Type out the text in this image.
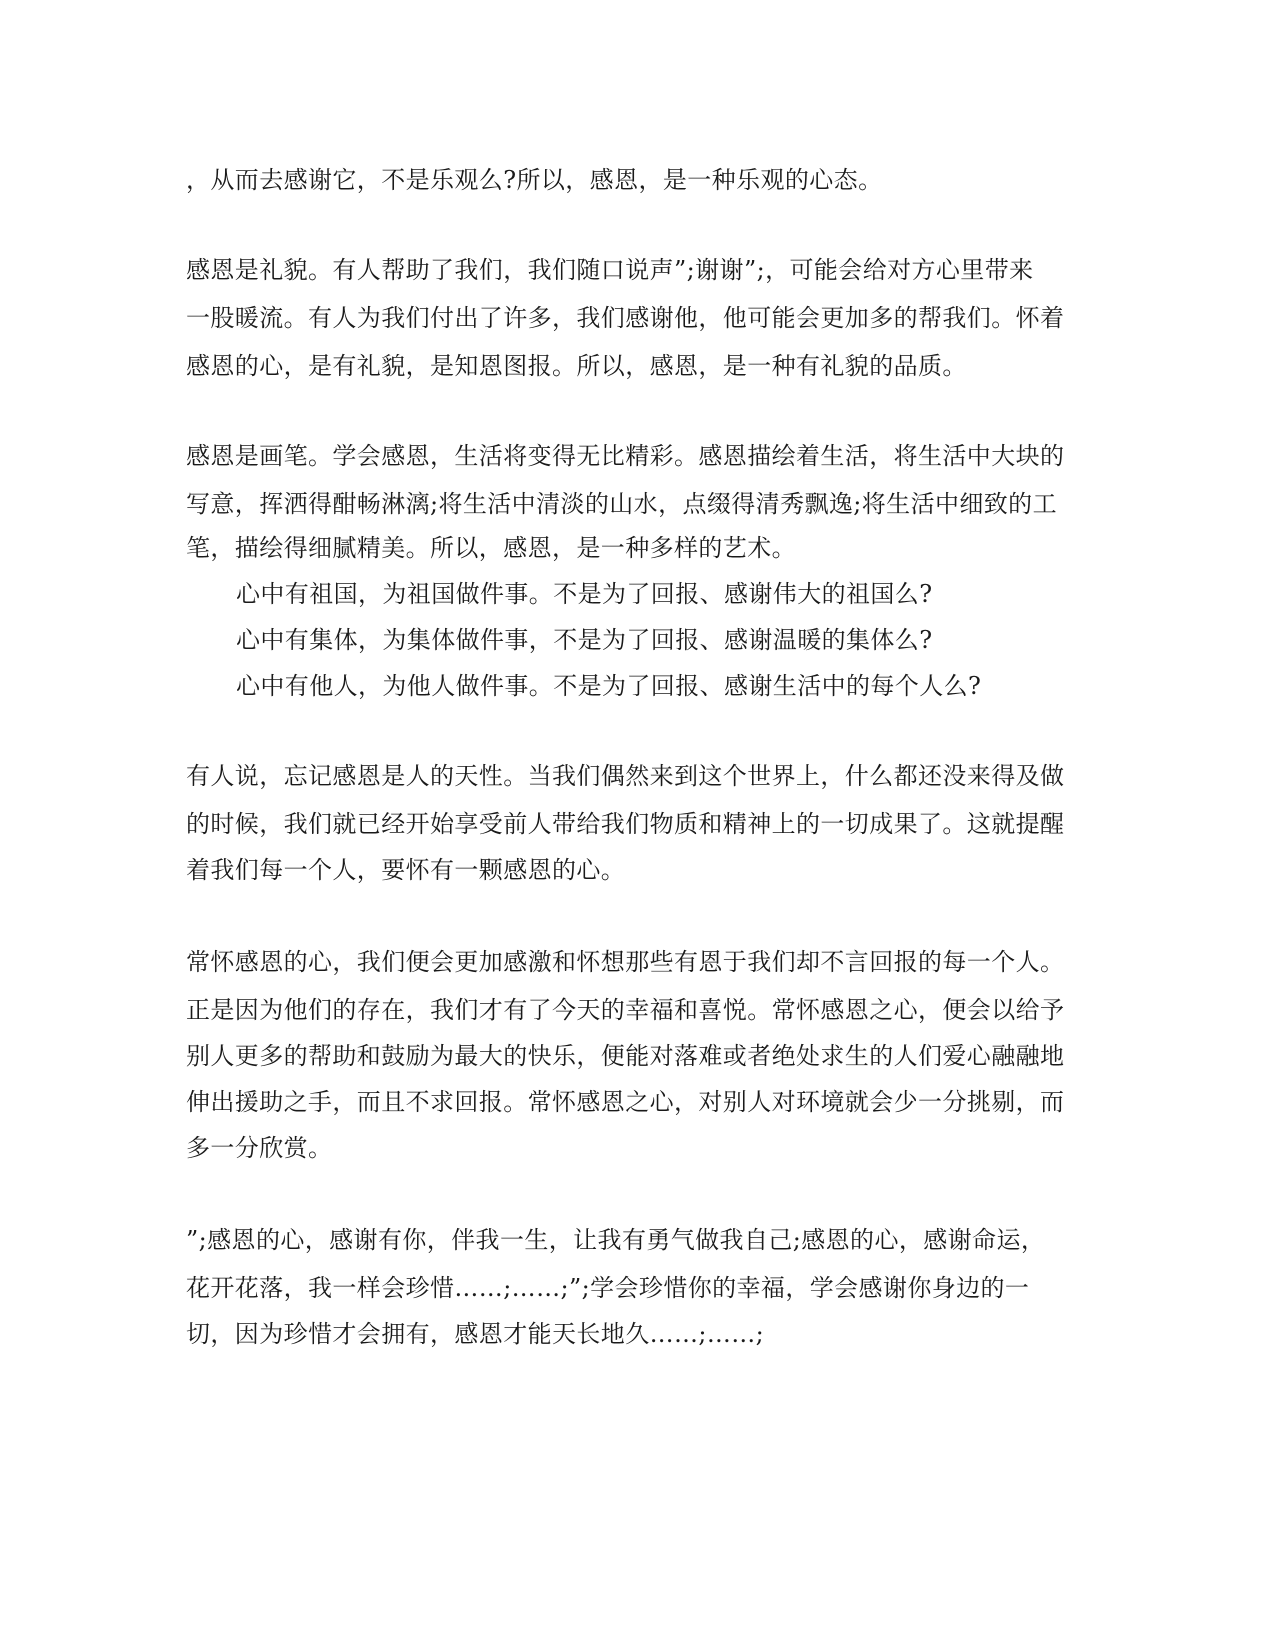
，从而去感谢它，不是乐观么?所以，感恩，是一种乐观的心态。
感恩是礼貌。有人帮助了我们，我们随口说声”;谢谢”;，可能会给对方心里带来
一股暖流。有人为我们付出了许多，我们感谢他，他可能会更加多的帮我们。怀着
感恩的心，是有礼貌，是知恩图报。所以，感恩，是一种有礼貌的品质。
感恩是画笔。学会感恩，生活将变得无比精彩。感恩描绘着生活，将生活中大块的
写意，挥洒得酣畅淋漓;将生活中清淡的山水，点缀得清秀飘逸;将生活中细致的工
笔，描绘得细腻精美。所以，感恩，是一种多样的艺术。
心中有祖国，为祖国做件事。不是为了回报、感谢伟大的祖国么?
心中有集体，为集体做件事，不是为了回报、感谢温暖的集体么?
心中有他人，为他人做件事。不是为了回报、感谢生活中的每个人么?
有人说，忘记感恩是人的天性。当我们偶然来到这个世界上，什么都还没来得及做
的时候，我们就已经开始享受前人带给我们物质和精神上的一切成果了。这就提醒
着我们每一个人，要怀有一颗感恩的心。
常怀感恩的心，我们便会更加感激和怀想那些有恩于我们却不言回报的每一个人。
正是因为他们的存在，我们才有了今天的幸福和喜悦。常怀感恩之心，便会以给予
别人更多的帮助和鼓励为最大的快乐，便能对落难或者绝处求生的人们爱心融融地
伸出援助之手，而且不求回报。常怀感恩之心，对别人对环境就会少一分挑剔，而
多一分欣赏。
”;感恩的心，感谢有你，伴我一生，让我有勇气做我自己;感恩的心，感谢命运，
花开花落，我一样会珍惜……;……;”;学会珍惜你的幸福，学会感谢你身边的一
切，因为珍惜才会拥有，感恩才能天长地久……;……;
